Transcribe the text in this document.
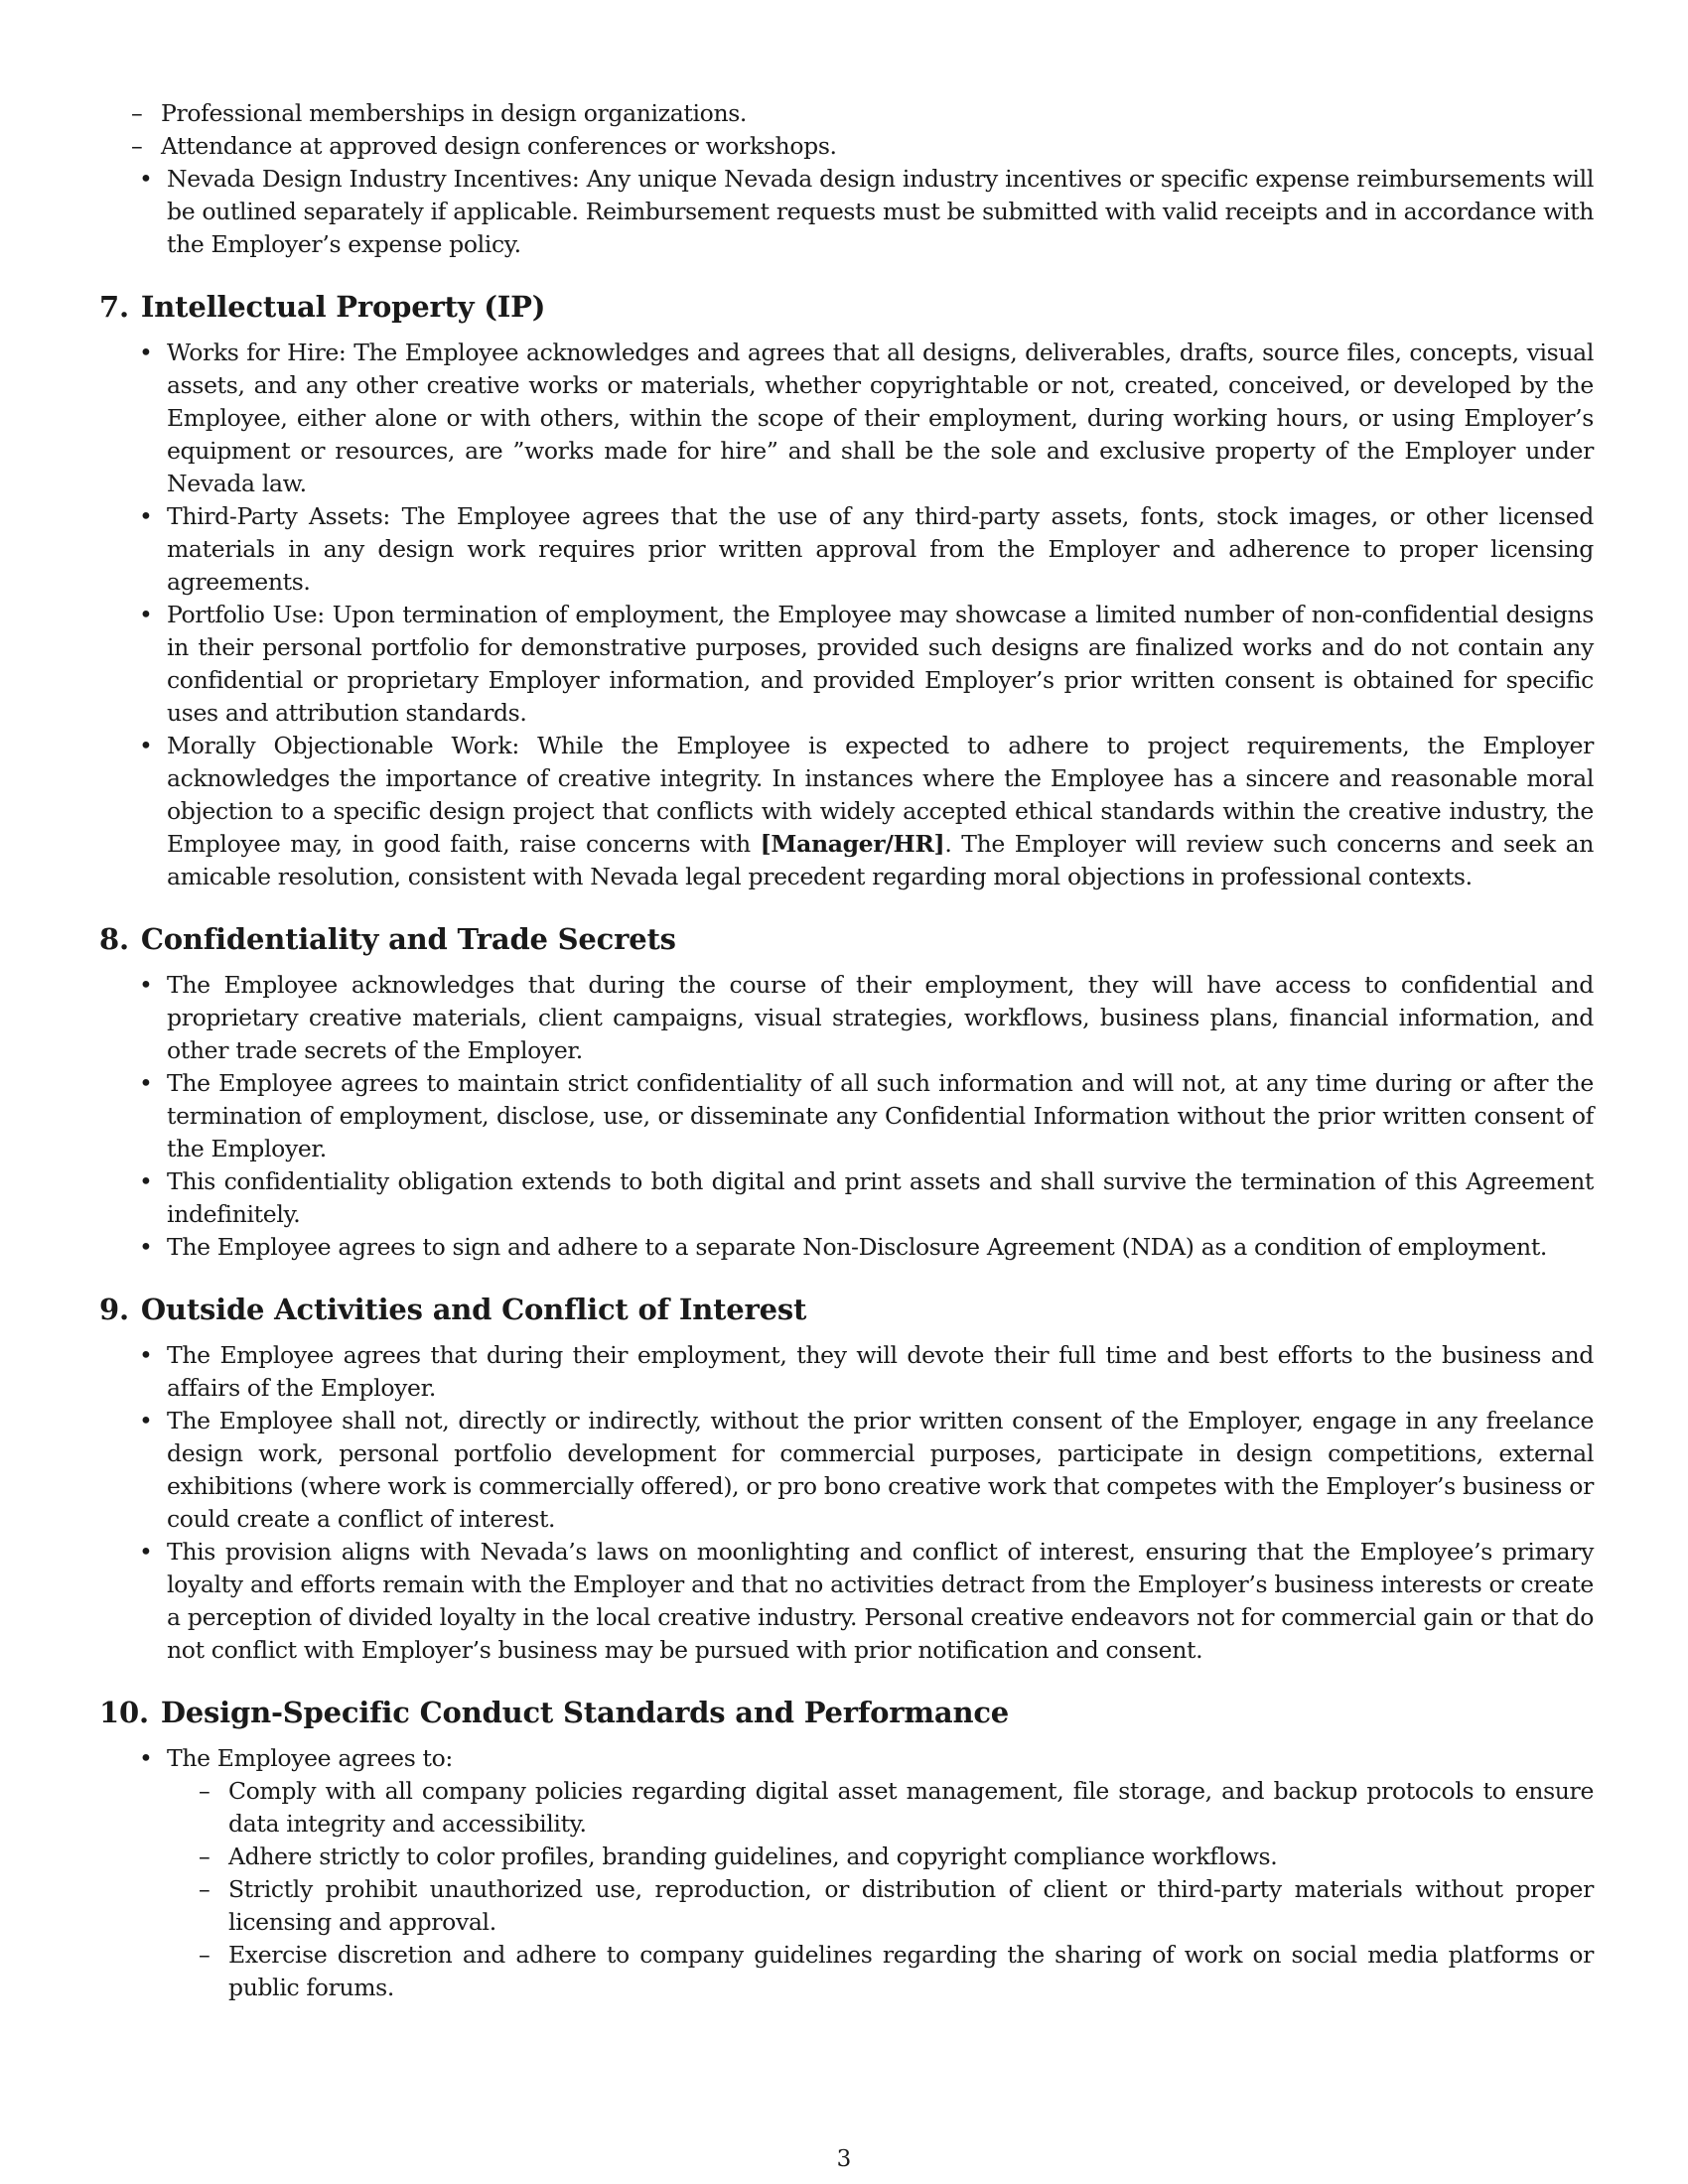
– Professional memberships in design organizations.
– Attendance at approved design conferences or workshops.
• Nevada Design Industry Incentives: Any unique Nevada design industry incentives or specific expense reimbursements will be outlined separately if applicable. Reimbursement requests must be submitted with valid receipts and in accordance with the Employer’s expense policy.
7. Intellectual Property (IP)
• Works for Hire: The Employee acknowledges and agrees that all designs, deliverables, drafts, source files, concepts, visual assets, and any other creative works or materials, whether copyrightable or not, created, conceived, or developed by the Employee, either alone or with others, within the scope of their employment, during working hours, or using Employer’s equipment or resources, are ”works made for hire” and shall be the sole and exclusive property of the Employer under Nevada law.
• Third-Party Assets: The Employee agrees that the use of any third-party assets, fonts, stock images, or other licensed materials in any design work requires prior written approval from the Employer and adherence to proper licensing agreements.
• Portfolio Use: Upon termination of employment, the Employee may showcase a limited number of non-confidential designs in their personal portfolio for demonstrative purposes, provided such designs are finalized works and do not contain any confidential or proprietary Employer information, and provided Employer’s prior written consent is obtained for specific uses and attribution standards.
• Morally Objectionable Work: While the Employee is expected to adhere to project requirements, the Employer acknowledges the importance of creative integrity. In instances where the Employee has a sincere and reasonable moral objection to a specific design project that conflicts with widely accepted ethical standards within the creative industry, the Employee may, in good faith, raise concerns with [Manager/HR]. The Employer will review such concerns and seek an amicable resolution, consistent with Nevada legal precedent regarding moral objections in professional contexts.
8. Confidentiality and Trade Secrets
• The Employee acknowledges that during the course of their employment, they will have access to confidential and proprietary creative materials, client campaigns, visual strategies, workflows, business plans, financial information, and other trade secrets of the Employer.
• The Employee agrees to maintain strict confidentiality of all such information and will not, at any time during or after the termination of employment, disclose, use, or disseminate any Confidential Information without the prior written consent of the Employer.
• This confidentiality obligation extends to both digital and print assets and shall survive the termination of this Agreement indefinitely.
• The Employee agrees to sign and adhere to a separate Non-Disclosure Agreement (NDA) as a condition of employment.
9. Outside Activities and Conflict of Interest
• The Employee agrees that during their employment, they will devote their full time and best efforts to the business and affairs of the Employer.
• The Employee shall not, directly or indirectly, without the prior written consent of the Employer, engage in any freelance design work, personal portfolio development for commercial purposes, participate in design competitions, external exhibitions (where work is commercially offered), or pro bono creative work that competes with the Employer’s business or could create a conflict of interest.
• This provision aligns with Nevada’s laws on moonlighting and conflict of interest, ensuring that the Employee’s primary loyalty and efforts remain with the Employer and that no activities detract from the Employer’s business interests or create a perception of divided loyalty in the local creative industry. Personal creative endeavors not for commercial gain or that do not conflict with Employer’s business may be pursued with prior notification and consent.
10. Design-Specific Conduct Standards and Performance
• The Employee agrees to:
– Comply with all company policies regarding digital asset management, file storage, and backup protocols to ensure data integrity and accessibility.
– Adhere strictly to color profiles, branding guidelines, and copyright compliance workflows.
– Strictly prohibit unauthorized use, reproduction, or distribution of client or third-party materials without proper licensing and approval.
– Exercise discretion and adhere to company guidelines regarding the sharing of work on social media platforms or public forums.
3
